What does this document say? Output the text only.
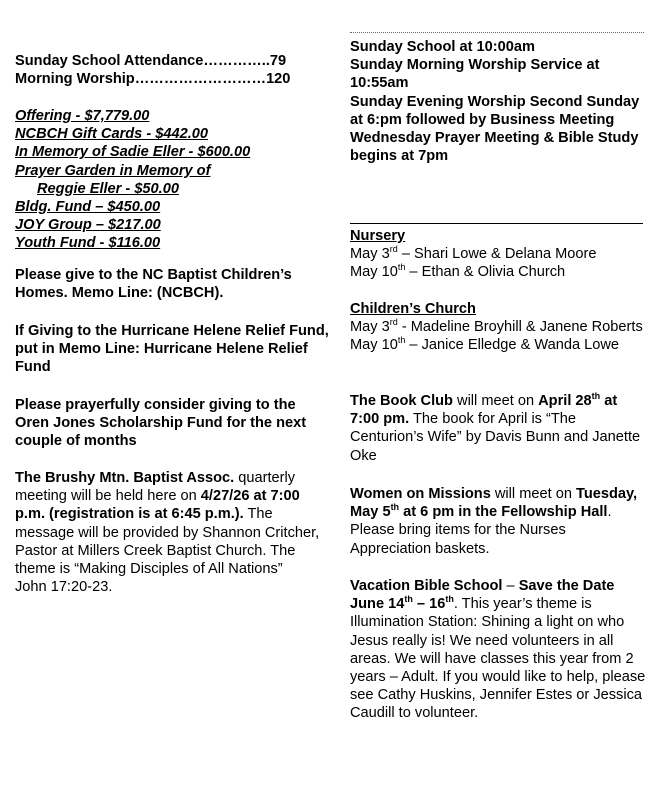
Sunday School Attendance…………..79
Morning Worship………………………120
Offering - $7,779.00
NCBCH Gift Cards - $442.00
In Memory of Sadie Eller - $600.00
Prayer Garden in Memory of
Reggie Eller - $50.00
Bldg. Fund – $450.00
JOY Group – $217.00
Youth Fund - $116.00

Please give to the NC Baptist Children’s Homes. Memo Line: (NCBCH).

If Giving to the Hurricane Helene Relief Fund, put in Memo Line: Hurricane Helene Relief Fund

Please prayerfully consider giving to the Oren Jones Scholarship Fund for the next couple of months

The Brushy Mtn. Baptist Assoc. quarterly meeting will be held here on 4/27/26 at 7:00 p.m. (registration is at 6:45 p.m.). The message will be provided by Shannon Critcher, Pastor at Millers Creek Baptist Church. The theme is “Making Disciples of All Nations”
John 17:20-23.

Sunday School at 10:00am

Sunday Morning Worship Service at 10:55am

Sunday Evening Worship Second Sunday at 6:pm followed by Business Meeting

Wednesday Prayer Meeting & Bible Study begins at 7pm

Nursery

May 3rd – Shari Lowe & Delana Moore

May 10th – Ethan & Olivia Church

Children’s Church

May 3rd - Madeline Broyhill & Janene Roberts

May 10th – Janice Elledge & Wanda Lowe

The Book Club will meet on April 28th at 7:00 pm. The book for April is “The Centurion’s Wife” by Davis Bunn and Janette Oke

Women on Missions will meet on Tuesday, May 5th at 6 pm in the Fellowship Hall. Please bring items for the Nurses Appreciation baskets.

Vacation Bible School – Save the Date
June 14th – 16th. This year’s theme is Illumination Station: Shining a light on who Jesus really is! We need volunteers in all areas. We will have classes this year from 2 years – Adult. If you would like to help, please see Cathy Huskins, Jennifer Estes or Jessica Caudill to volunteer.
